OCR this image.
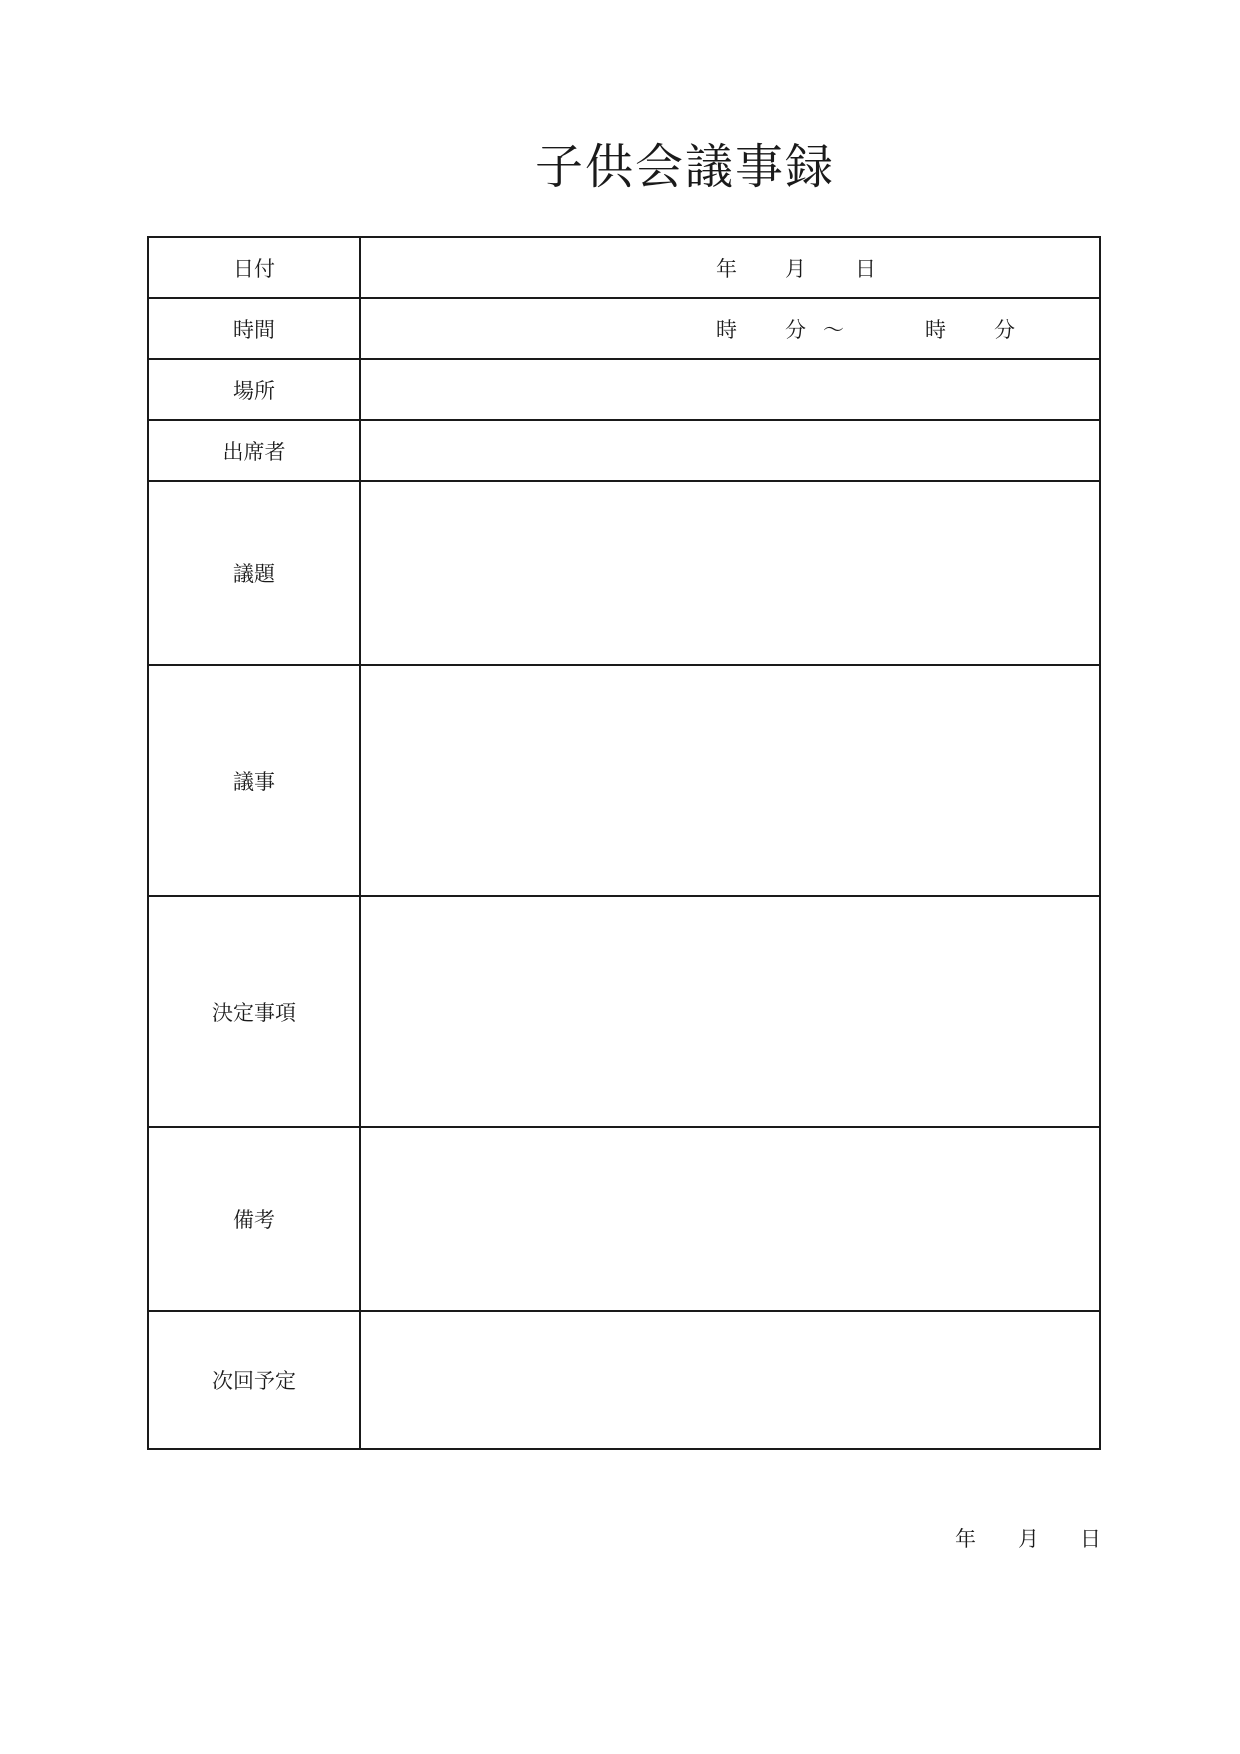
子供会議事録
日付	年 月 日

時間	時 分 〜 時 分

場所	
出席者	
議題	
議事	
決定事項	
備考	
次回予定	
年 月 日
